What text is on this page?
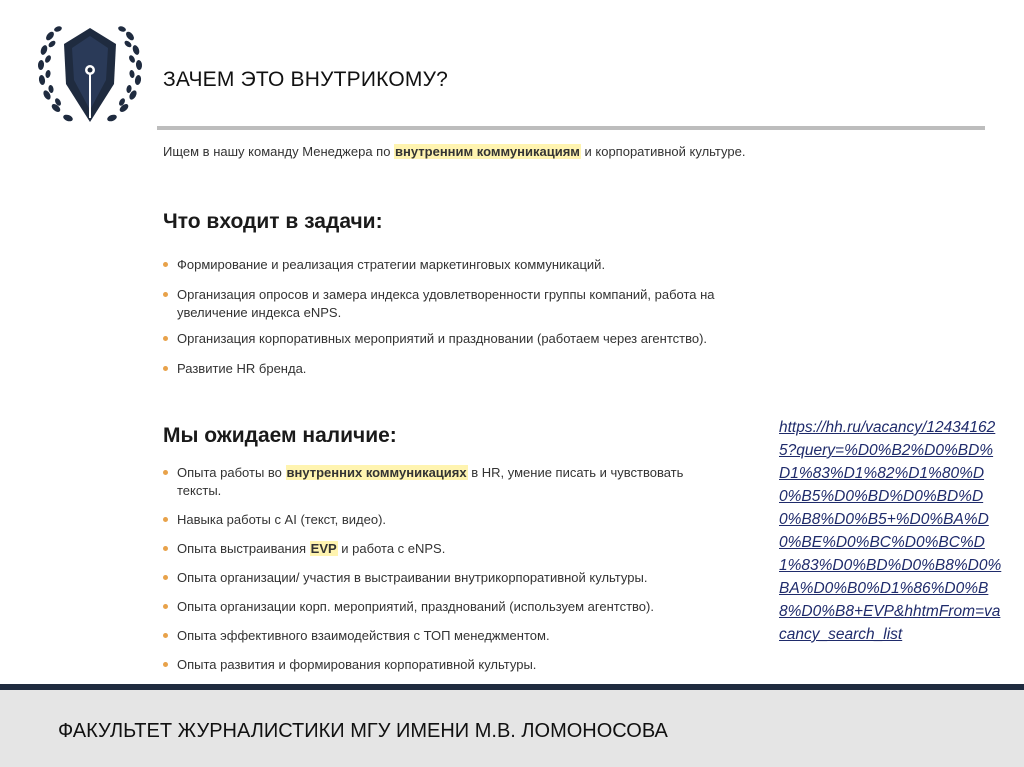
ЗАЧЕМ ЭТО ВНУТРИКОМУ?
Ищем в нашу команду Менеджера по внутренним коммуникациям и корпоративной культуре.
Что входит в задачи:
Формирование и реализация стратегии маркетинговых коммуникаций.
Организация опросов и замера индекса удовлетворенности группы компаний, работа на увеличение индекса eNPS.
Организация корпоративных мероприятий и праздновании (работаем через агентство).
Развитие HR бренда.
Мы ожидаем наличие:
Опыта работы во внутренних коммуникациях в HR, умение писать и чувствовать тексты.
Навыка работы с AI (текст, видео).
Опыта выстраивания EVP и работа с eNPS.
Опыта организации/ участия в выстраивании внутрикорпоративной культуры.
Опыта организации корп. мероприятий, празднований (используем агентство).
Опыта эффективного взаимодействия с ТОП менеджментом.
Опыта развития и формирования корпоративной культуры.
https://hh.ru/vacancy/124341625?query=%D0%B2%D0%BD%D1%83%D1%82%D1%80%D0%B5%D0%BD%D0%BD%D0%B8%D0%B5+%D0%BA%D0%BE%D0%BC%D0%BC%D1%83%D0%BD%D0%B8%D0%BA%D0%B0%D1%86%D0%B8%D0%B8+EVP&hhtmFrom=vacancy_search_list
ФАКУЛЬТЕТ ЖУРНАЛИСТИКИ МГУ ИМЕНИ М.В. ЛОМОНОСОВА
